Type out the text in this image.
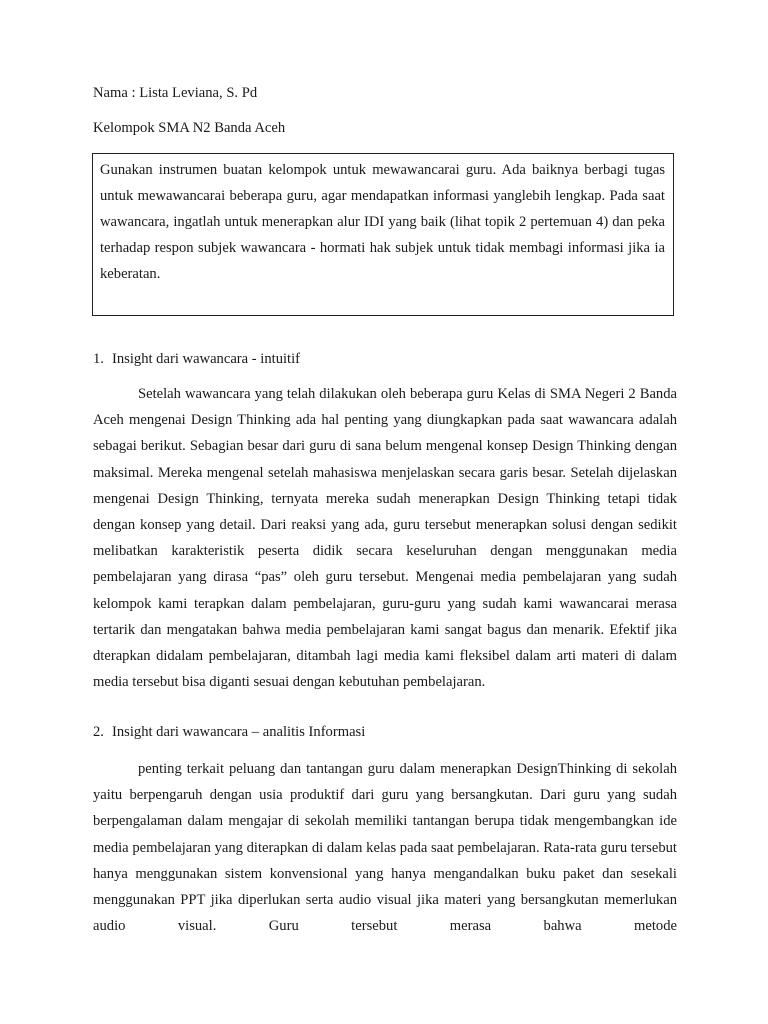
Nama : Lista Leviana, S. Pd
Kelompok SMA N2 Banda Aceh
Gunakan instrumen buatan kelompok untuk mewawancarai guru. Ada baiknya berbagi tugas untuk mewawancarai beberapa guru, agar mendapatkan informasi yanglebih lengkap. Pada saat wawancara, ingatlah untuk menerapkan alur IDI yang baik (lihat topik 2 pertemuan 4) dan peka terhadap respon subjek wawancara - hormati hak subjek untuk tidak membagi informasi jika ia keberatan.
1. Insight dari wawancara - intuitif
Setelah wawancara yang telah dilakukan oleh beberapa guru Kelas di SMA Negeri 2 Banda Aceh mengenai Design Thinking ada hal penting yang diungkapkan pada saat wawancara adalah sebagai berikut. Sebagian besar dari guru di sana belum mengenal konsep Design Thinking dengan maksimal. Mereka mengenal setelah mahasiswa menjelaskan secara garis besar. Setelah dijelaskan mengenai Design Thinking, ternyata mereka sudah menerapkan Design Thinking tetapi tidak dengan konsep yang detail. Dari reaksi yang ada, guru tersebut menerapkan solusi dengan sedikit melibatkan karakteristik peserta didik secara keseluruhan dengan menggunakan media pembelajaran yang dirasa “pas” oleh guru tersebut. Mengenai media pembelajaran yang sudah kelompok kami terapkan dalam pembelajaran, guru-guru yang sudah kami wawancarai merasa tertarik dan mengatakan bahwa media pembelajaran kami sangat bagus dan menarik. Efektif jika dterapkan didalam pembelajaran, ditambah lagi media kami fleksibel dalam arti materi di dalam media tersebut bisa diganti sesuai dengan kebutuhan pembelajaran.
2. Insight dari wawancara – analitis Informasi
penting terkait peluang dan tantangan guru dalam menerapkan DesignThinking di sekolah yaitu berpengaruh dengan usia produktif dari guru yang bersangkutan. Dari guru yang sudah berpengalaman dalam mengajar di sekolah memiliki tantangan berupa tidak mengembangkan ide media pembelajaran yang diterapkan di dalam kelas pada saat pembelajaran. Rata-rata guru tersebut hanya menggunakan sistem konvensional yang hanya mengandalkan buku paket dan sesekali menggunakan PPT jika diperlukan serta audio visual jika materi yang bersangkutan memerlukan audio visual. Guru tersebut merasa bahwa metode
